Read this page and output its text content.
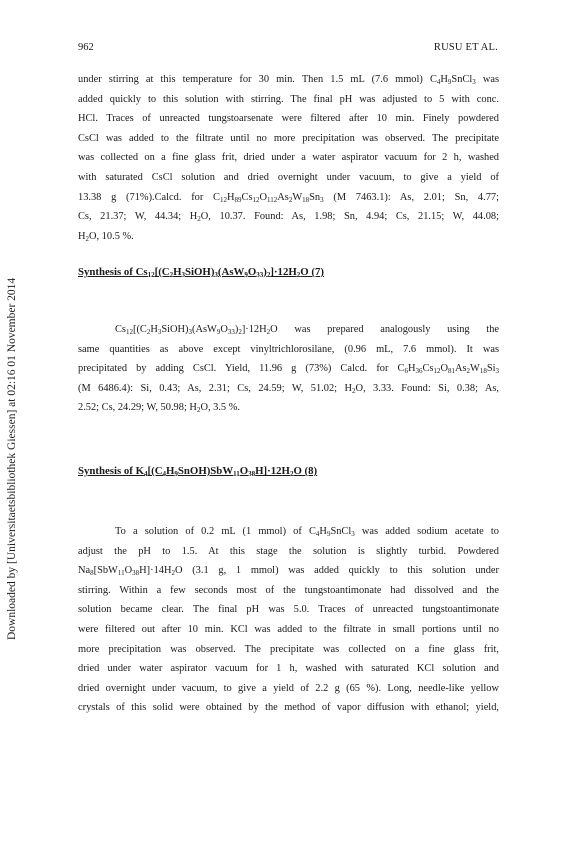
962	RUSU ET AL.
Downloaded by [Universitaetsbibliothek Giessen] at 02:16 01 November 2014
under stirring at this temperature for 30 min. Then 1.5 mL (7.6 mmol) $C_4H_9SnCl_3$ was
added quickly to this solution with stirring. The final pH was adjusted to 5 with conc.
HCl. Traces of unreacted tungstoarsenate were filtered after 10 min. Finely powdered
CsCl was added to the filtrate until no more precipitation was observed. The precipitate
was collected on a fine glass frit, dried under a water aspirator vacuum for 2 h, washed
with saturated CsCl solution and dried overnight under vacuum, to give a yield of
13.38 g (71%).Calcd. for $C_{12}H_{89}Cs_{12}O_{112}As_2W_{18}Sn_3$ (M 7463.1): As, 2.01; Sn, 4.77;
Cs, 21.37; W, 44.34; $H_2O$, 10.37. Found: As, 1.98; Sn, 4.94; Cs, 21.15; W, 44.08;
$H_2O$, 10.5 %.
Synthesis of $Cs_{12}[(C_2H_3SiOH)_3(AsW_9O_{33})_2]\cdot 12H_2O$ (7)
$Cs_{12}[(C_2H_3SiOH)_3(AsW_9O_{33})_2]\cdot 12H_2O$ was prepared analogously using the
same quantities as above except vinyltrichlorosilane, (0.96 mL, 7.6 mmol). It was
precipitated by adding CsCl. Yield, 11.96 g (73%) Calcd. for $C_6H_{36}Cs_{12}O_{81}As_2W_{18}Si_3$
(M 6486.4): Si, 0.43; As, 2.31; Cs, 24.59; W, 51.02; $H_2O$, 3.33. Found: Si, 0.38; As,
2.52; Cs, 24.29; W, 50.98; $H_2O$, 3.5 %.
Synthesis of $K_4[(C_4H_9SnOH)SbW_{11}O_{38}H]\cdot 12H_2O$ (8)
To a solution of 0.2 mL (1 mmol) of $C_4H_9SnCl_3$ was added sodium acetate to
adjust the pH to 1.5. At this stage the solution is slightly turbid. Powdered
$Na_8[SbW_{11}O_{38}H]\cdot 14H_2O$ (3.1 g, 1 mmol) was added quickly to this solution under
stirring. Within a few seconds most of the tungstoantimonate had dissolved and the
solution became clear. The final pH was 5.0. Traces of unreacted tungstoantimonate
were filtered out after 10 min. KCl was added to the filtrate in small portions until no
more precipitation was observed. The precipitate was collected on a fine glass frit,
dried under water aspirator vacuum for 1 h, washed with saturated KCl solution and
dried overnight under vacuum, to give a yield of 2.2 g (65 %). Long, needle-like yellow
crystals of this solid were obtained by the method of vapor diffusion with ethanol; yield,
